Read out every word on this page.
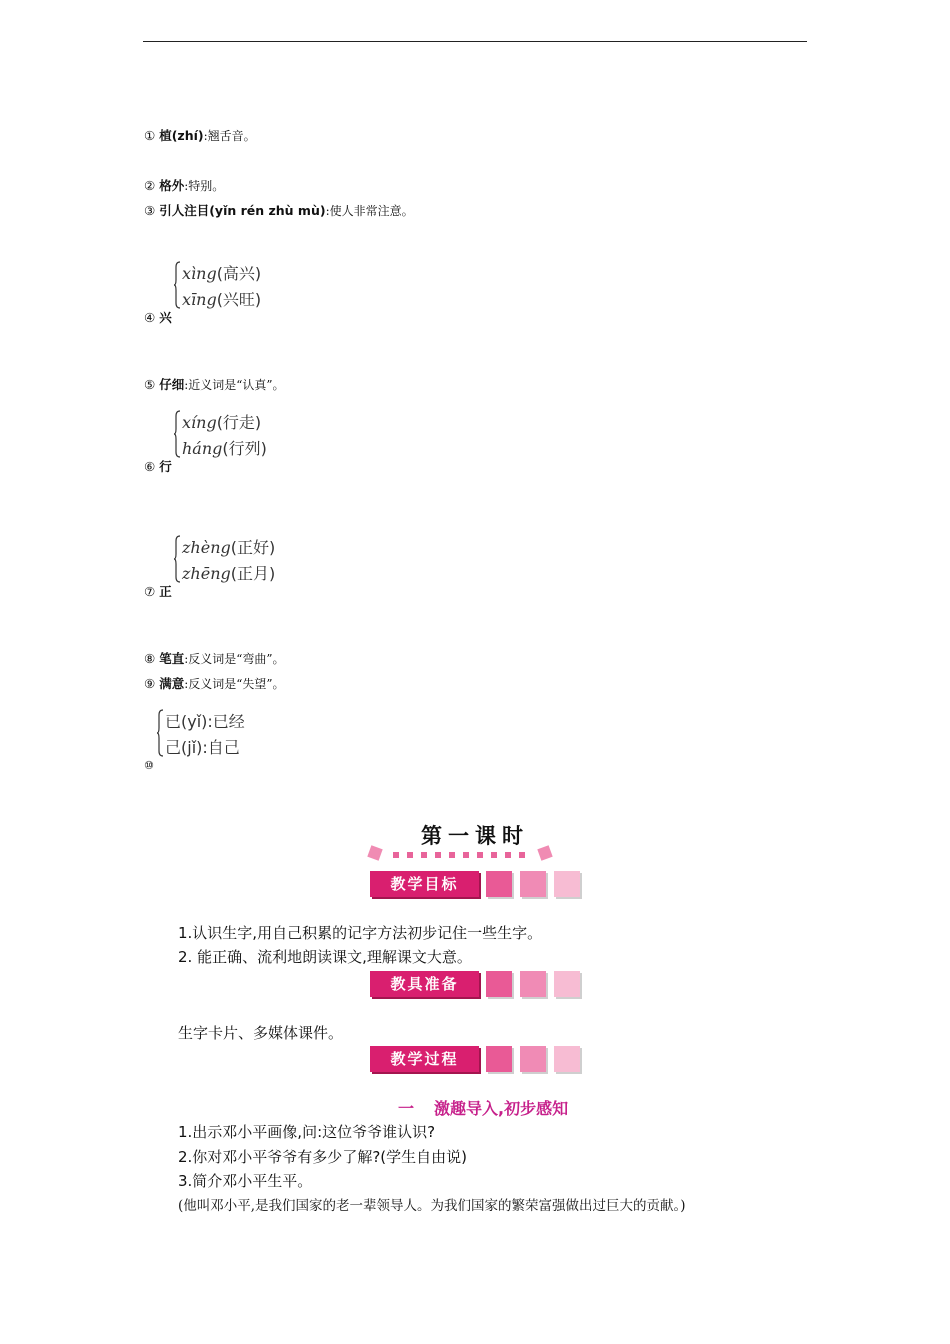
① 植(zhí):翘舌音。
② 格外:特别。
③ 引人注目(yǐn rén zhù mù):使人非常注意。
xìng(高兴)
xīng(兴旺)
④ 兴
⑤ 仔细:近义词是“认真”。
xíng(行走)
háng(行列)
⑥ 行
zhèng(正好)
zhēng(正月)
⑦ 正
⑧ 笔直:反义词是“弯曲”。
⑨ 满意:反义词是“失望”。
已(yǐ):已经
己(jǐ):自己
⑩
第一课时
教学目标
1.认识生字,用自己积累的记字方法初步记住一些生字。
2. 能正确、流利地朗读课文,理解课文大意。
教具准备
生字卡片、多媒体课件。
教学过程
一 激趣导入,初步感知
1.出示邓小平画像,问:这位爷爷谁认识?
2.你对邓小平爷爷有多少了解?(学生自由说)
3.简介邓小平生平。
(他叫邓小平,是我们国家的老一辈领导人。为我们国家的繁荣富强做出过巨大的贡献。)
